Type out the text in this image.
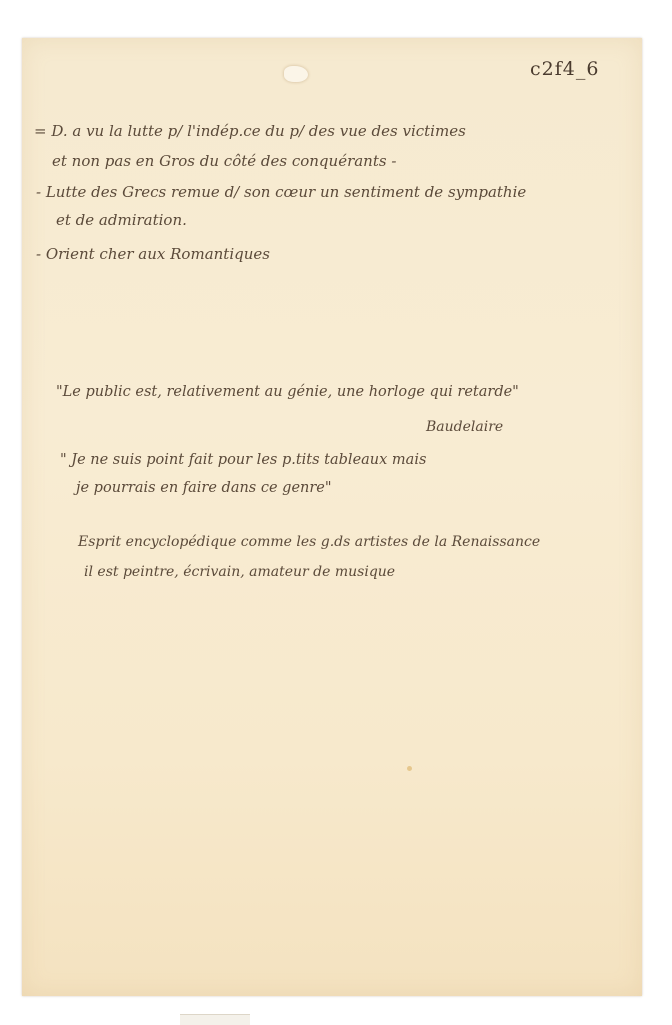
c2f4_6
= D. a vu la lutte p/ l'indép.ce du p/ des vue des victimes
et non pas en Gros du côté des conquérants -
- Lutte des Grecs remue d/ son cœur un sentiment de sympathie
et de admiration.
- Orient cher aux Romantiques
"Le public est, relativement au génie, une horloge qui retarde"
Baudelaire
" Je ne suis point fait pour les p.tits tableaux mais
je pourrais en faire dans ce genre"
Esprit encyclopédique comme les g.ds artistes de la Renaissance
il est peintre, écrivain, amateur de musique
